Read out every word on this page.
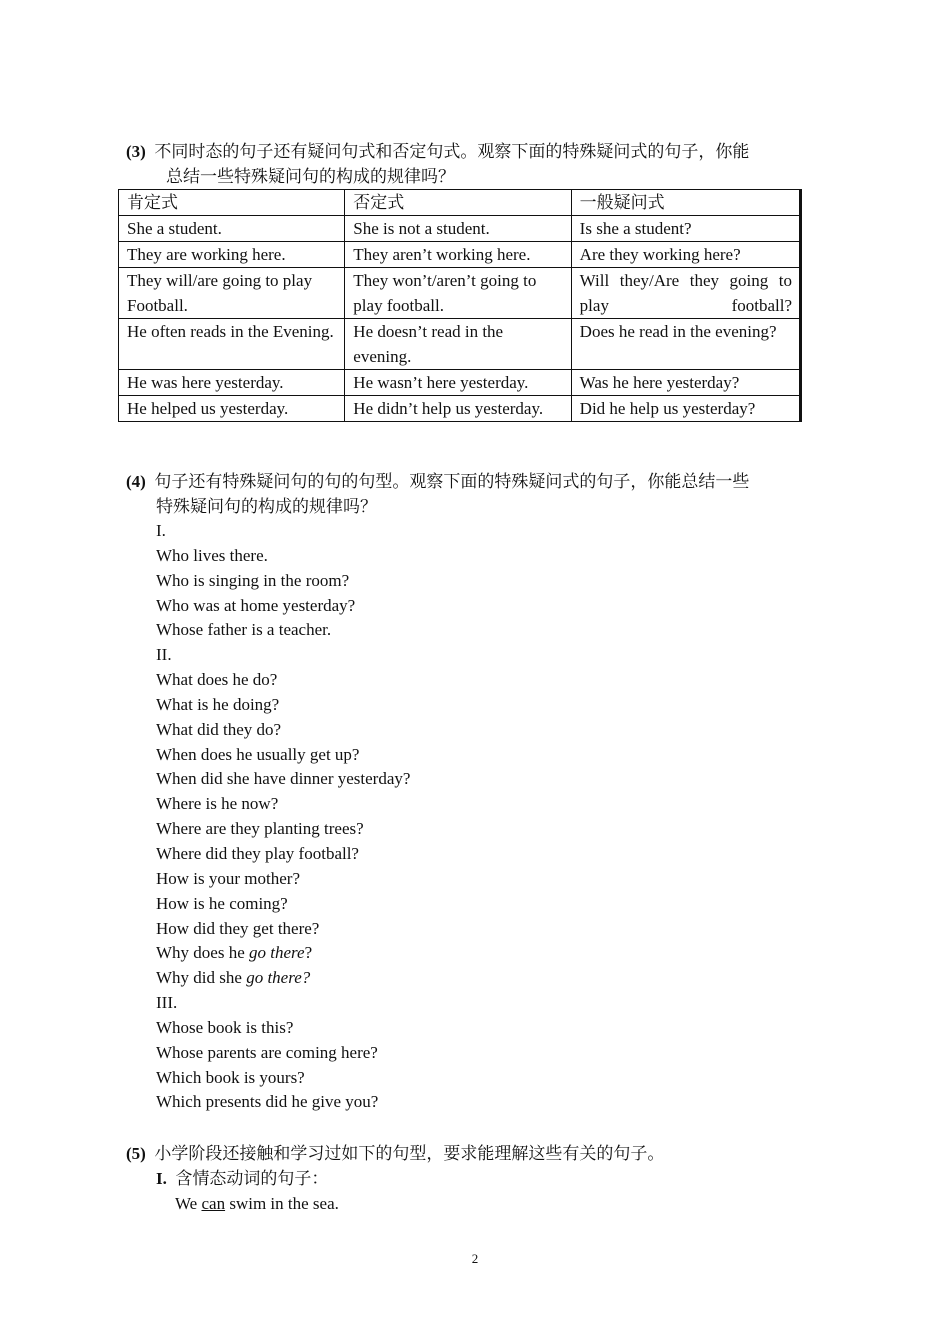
(3) 不同时态的句子还有疑问句式和否定句式。观察下面的特殊疑问式的句子，你能
总结一些特殊疑问句的构成的规律吗？
肯定式	否定式	一般疑问式
She a student.	She is not a student.	Is she a student?
They are working here.	They aren’t working here.	Are they working here?
They will/are going to play Football.	They won’t/aren’t going to play football.	Will they/Are they going to play football?
He often reads in the Evening.	He doesn’t read in the evening.	Does he read in the evening?
He was here yesterday.	He wasn’t here yesterday.	Was he here yesterday?
He helped us yesterday.	He didn’t help us yesterday.	Did he help us yesterday?
(4) 句子还有特殊疑问句的句的句型。观察下面的特殊疑问式的句子，你能总结一些
特殊疑问句的构成的规律吗？
I.
Who lives there.
Who is singing in the room?
Who was at home yesterday?
Whose father is a teacher.
II.
What does he do?
What is he doing?
What did they do?
When does he usually get up?
When did she have dinner yesterday?
Where is he now?
Where are they planting trees?
Where did they play football?
How is your mother?
How is he coming?
How did they get there?
Why does he go there?
Why did she go there?
III.
Whose book is this?
Whose parents are coming here?
Which book is yours?
Which presents did he give you?
(5) 小学阶段还接触和学习过如下的句型，要求能理解这些有关的句子。
I. 含情态动词的句子：
We can swim in the sea.
2
